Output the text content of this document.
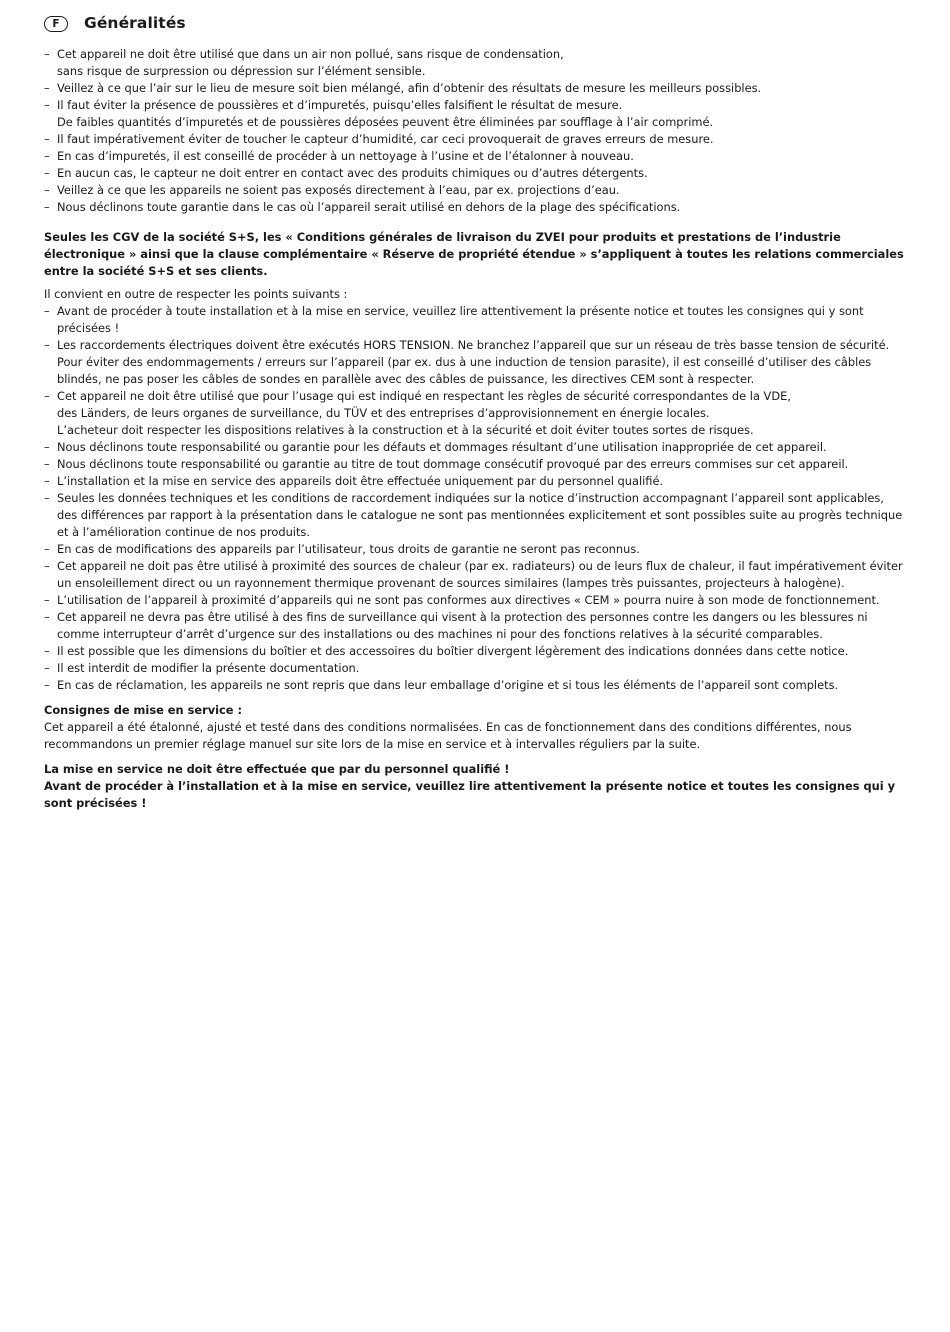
F	Généralités
– Cet appareil ne doit être utilisé que dans un air non pollué, sans risque de condensation,
sans risque de surpression ou dépression sur l’élément sensible.
– Veillez à ce que l’air sur le lieu de mesure soit bien mélangé, afin d’obtenir des résultats de mesure les meilleurs possibles.
– Il faut éviter la présence de poussières et d’impuretés, puisqu’elles falsifient le résultat de mesure.
De faibles quantités d’impuretés et de poussières déposées peuvent être éliminées par soufflage à l’air comprimé.
– Il faut impérativement éviter de toucher le capteur d’humidité, car ceci provoquerait de graves erreurs de mesure.
– En cas d’impuretés, il est conseillé de procéder à un nettoyage à l’usine et de l’étalonner à nouveau.
– En aucun cas, le capteur ne doit entrer en contact avec des produits chimiques ou d’autres détergents.
– Veillez à ce que les appareils ne soient pas exposés directement à l’eau, par ex. projections d’eau.
– Nous déclinons toute garantie dans le cas où l’appareil serait utilisé en dehors de la plage des spécifications.

Seules les CGV de la société S+S, les « Conditions générales de livraison du ZVEI pour produits et prestations de l’industrie électronique » ainsi que la clause complémentaire « Réserve de propriété étendue » s’appliquent à toutes les relations commerciales entre la société S+S et ses clients.

Il convient en outre de respecter les points suivants :

– Avant de procéder à toute installation et à la mise en service, veuillez lire attentivement la présente notice et toutes les consignes qui y sont précisées !
– Les raccordements électriques doivent être exécutés HORS TENSION. Ne branchez l’appareil que sur un réseau de très basse tension de sécurité. Pour éviter des endommagements / erreurs sur l’appareil (par ex. dus à une induction de tension parasite), il est conseillé d’utiliser des câbles blindés, ne pas poser les câbles de sondes en parallèle avec des câbles de puissance, les directives CEM sont à respecter.
– Cet appareil ne doit être utilisé que pour l’usage qui est indiqué en respectant les règles de sécurité correspondantes de la VDE,
des Länders, de leurs organes de surveillance, du TÜV et des entreprises d’approvisionnement en énergie locales.
L’acheteur doit respecter les dispositions relatives à la construction et à la sécurité et doit éviter toutes sortes de risques.
– Nous déclinons toute responsabilité ou garantie pour les défauts et dommages résultant d’une utilisation inappropriée de cet appareil.
– Nous déclinons toute responsabilité ou garantie au titre de tout dommage consécutif provoqué par des erreurs commises sur cet appareil.
– L’installation et la mise en service des appareils doit être effectuée uniquement par du personnel qualifié.
– Seules les données techniques et les conditions de raccordement indiquées sur la notice d’instruction accompagnant l’appareil sont applicables, des différences par rapport à la présentation dans le catalogue ne sont pas mentionnées explicitement et sont possibles suite au progrès technique et à l’amélioration continue de nos produits.
– En cas de modifications des appareils par l’utilisateur, tous droits de garantie ne seront pas reconnus.
– Cet appareil ne doit pas être utilisé à proximité des sources de chaleur (par ex. radiateurs) ou de leurs flux de chaleur, il faut impérativement éviter un ensoleillement direct ou un rayonnement thermique provenant de sources similaires (lampes très puissantes, projecteurs à halogène).
– L’utilisation de l’appareil à proximité d’appareils qui ne sont pas conformes aux directives « CEM » pourra nuire à son mode de fonctionnement.
– Cet appareil ne devra pas être utilisé à des fins de surveillance qui visent à la protection des personnes contre les dangers ou les blessures ni comme interrupteur d’arrêt d’urgence sur des installations ou des machines ni pour des fonctions relatives à la sécurité comparables.
– Il est possible que les dimensions du boîtier et des accessoires du boîtier divergent légèrement des indications données dans cette notice.
– Il est interdit de modifier la présente documentation.
– En cas de réclamation, les appareils ne sont repris que dans leur emballage d’origine et si tous les éléments de l’appareil sont complets.

Consignes de mise en service :

Cet appareil a été étalonné, ajusté et testé dans des conditions normalisées. En cas de fonctionnement dans des conditions différentes, nous recommandons un premier réglage manuel sur site lors de la mise en service et à intervalles réguliers par la suite.

La mise en service ne doit être effectuée que par du personnel qualifié !

Avant de procéder à l’installation et à la mise en service, veuillez lire attentivement la présente notice et toutes les consignes qui y sont précisées !
